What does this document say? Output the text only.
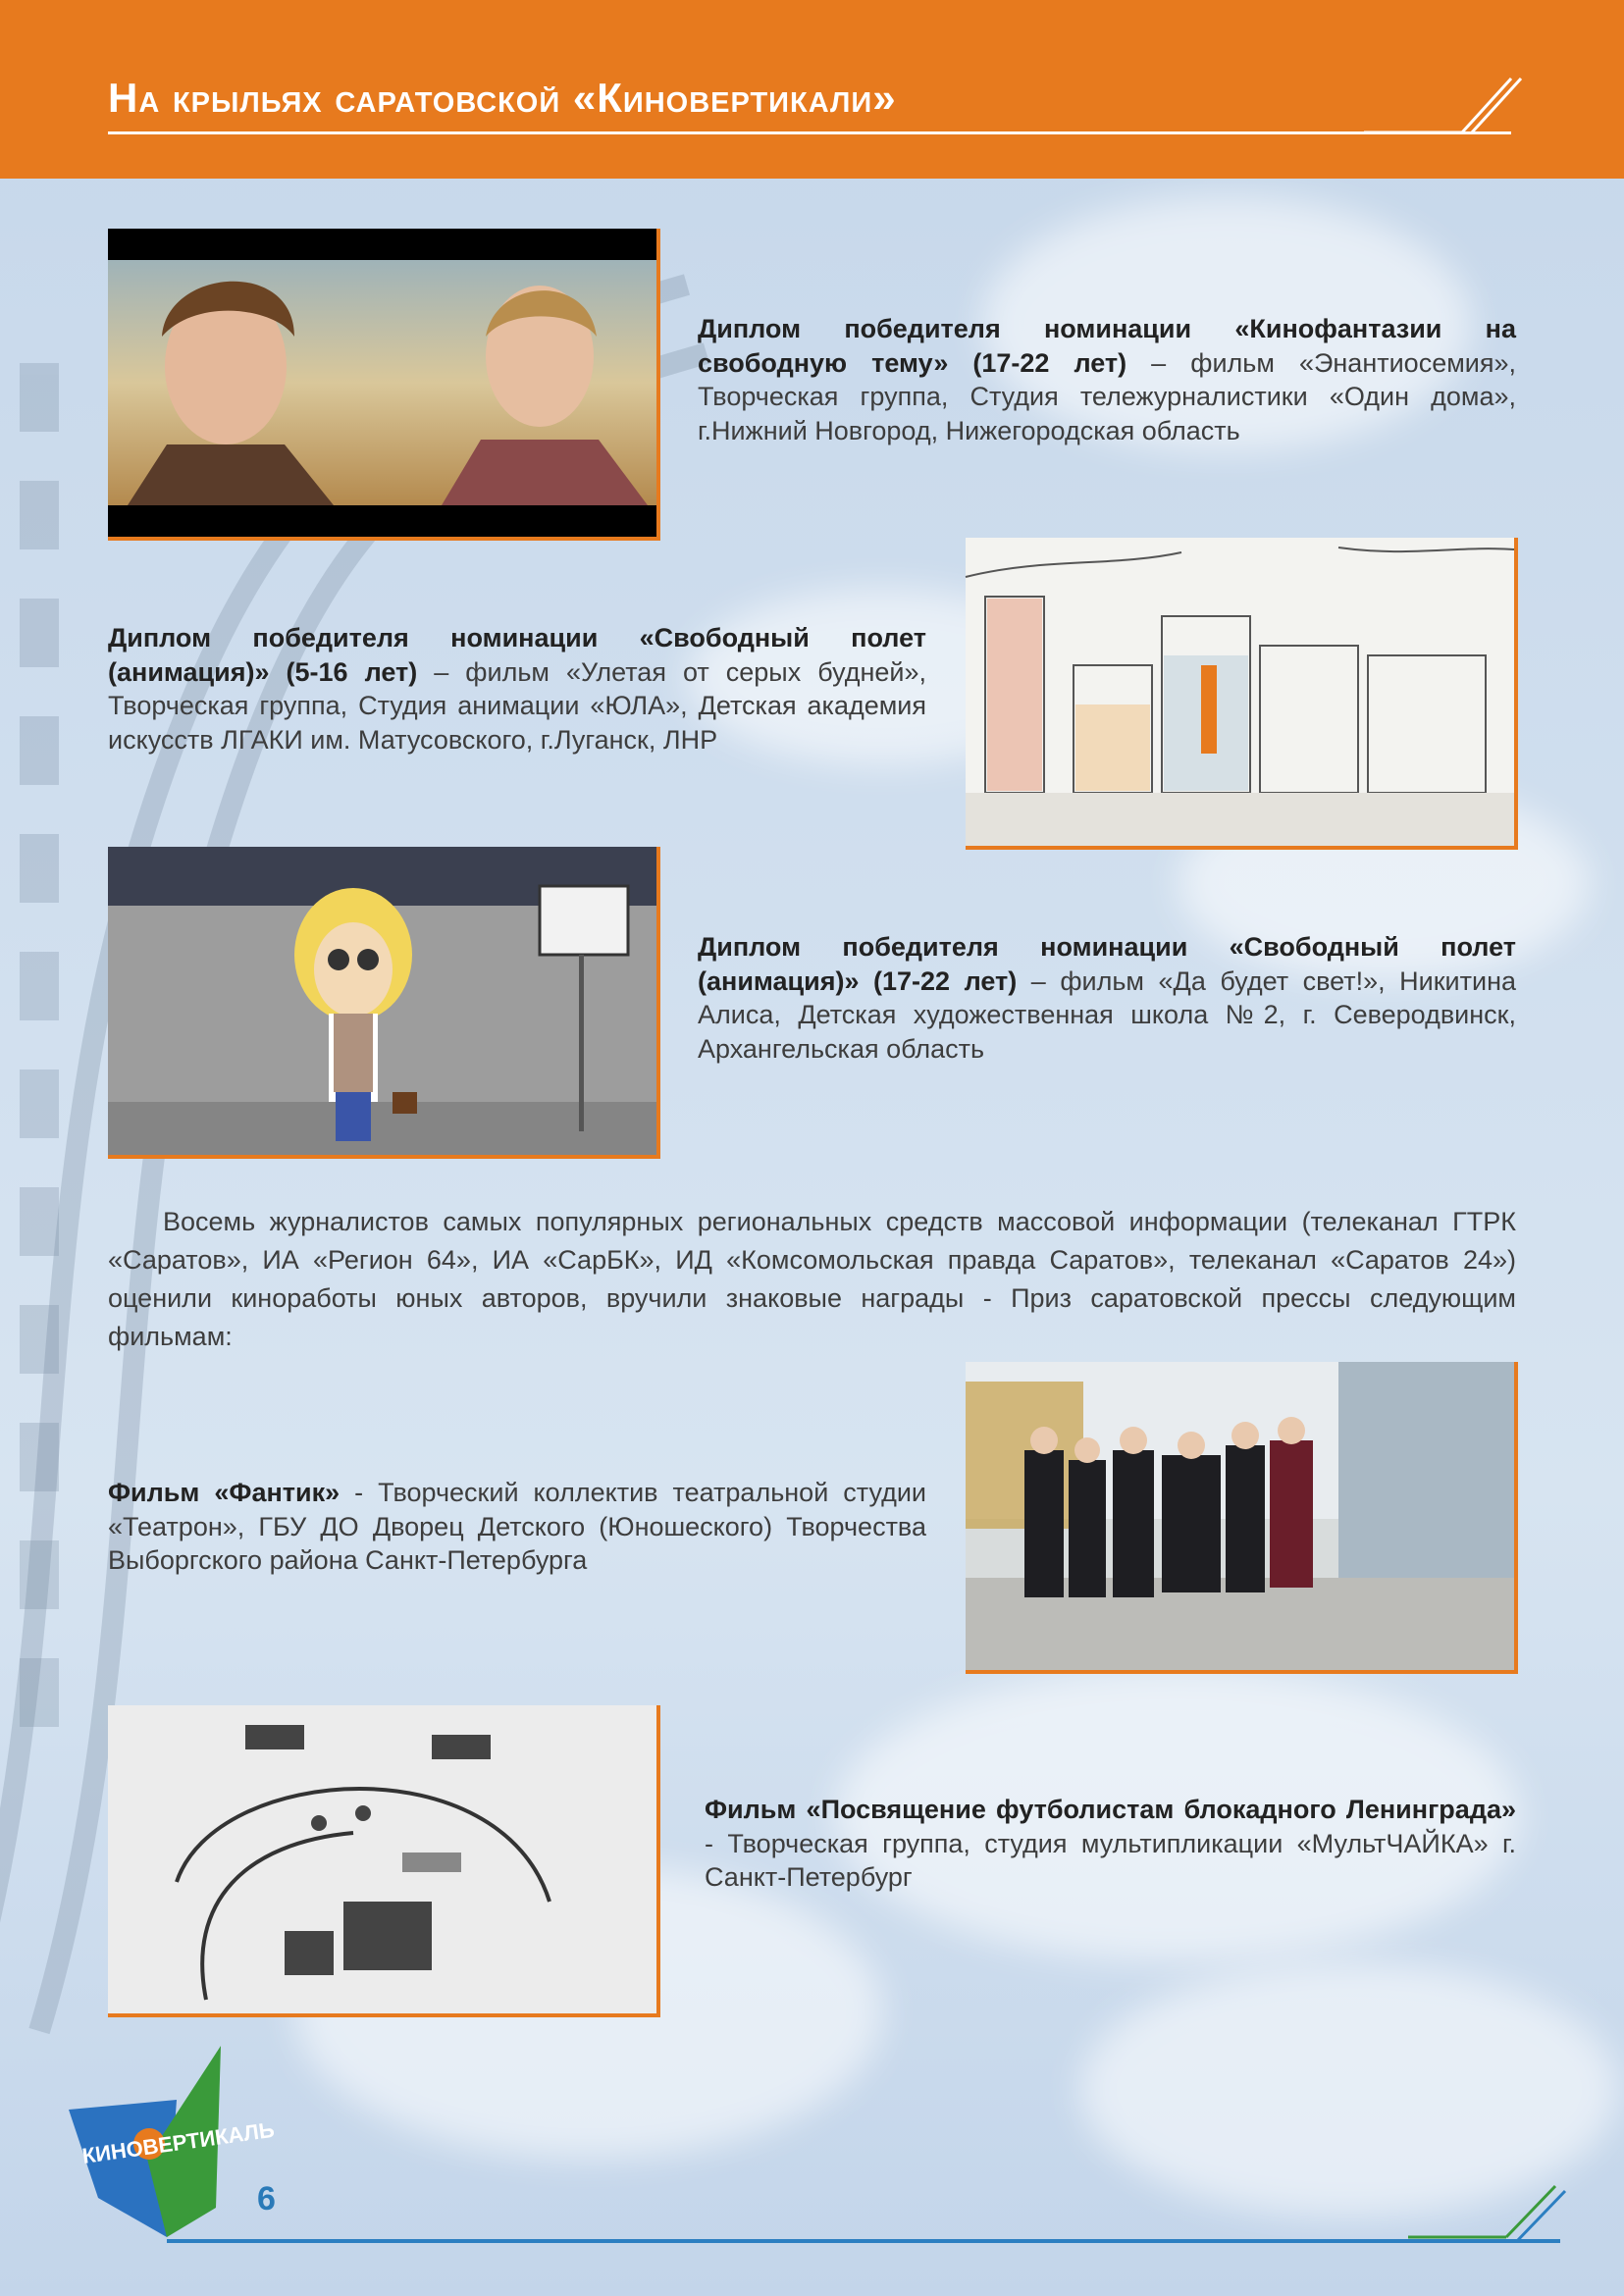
На крыльях саратовской «Киновертикали»
Диплом победителя номинации «Кинофантазии на свободную тему» (17-22 лет) – фильм «Энантиосемия», Творческая группа, Студия тележурналистики «Один дома», г.Нижний Новгород, Нижегородская область
Диплом победителя номинации «Свободный полет (анимация)» (5-16 лет) – фильм «Улетая от серых будней», Творческая группа, Студия анимации «ЮЛА», Детская академия искусств ЛГАКИ им. Матусовского, г.Луганск, ЛНР
Диплом победителя номинации «Свободный полет (анимация)» (17-22 лет) – фильм «Да будет свет!», Никитина Алиса, Детская художественная школа №2, г. Северодвинск, Архангельская область
Восемь журналистов самых популярных региональных средств массовой информации (телеканал ГТРК «Саратов», ИА «Регион 64», ИА «СарБК», ИД «Комсомольская правда Саратов», телеканал «Саратов 24») оценили киноработы юных авторов, вручили знаковые награды - Приз саратовской прессы следующим фильмам:
Фильм «Фантик» - Творческий коллектив театральной студии «Театрон», ГБУ ДО Дворец Детского (Юношеского) Творчества Выборгского района Санкт-Петербурга
Фильм «Посвящение футболистам блокадного Ленинграда» - Творческая группа, студия мультипликации «МультЧАЙКА» г. Санкт-Петербург
КИНОВЕРТИКАЛЬ
6
